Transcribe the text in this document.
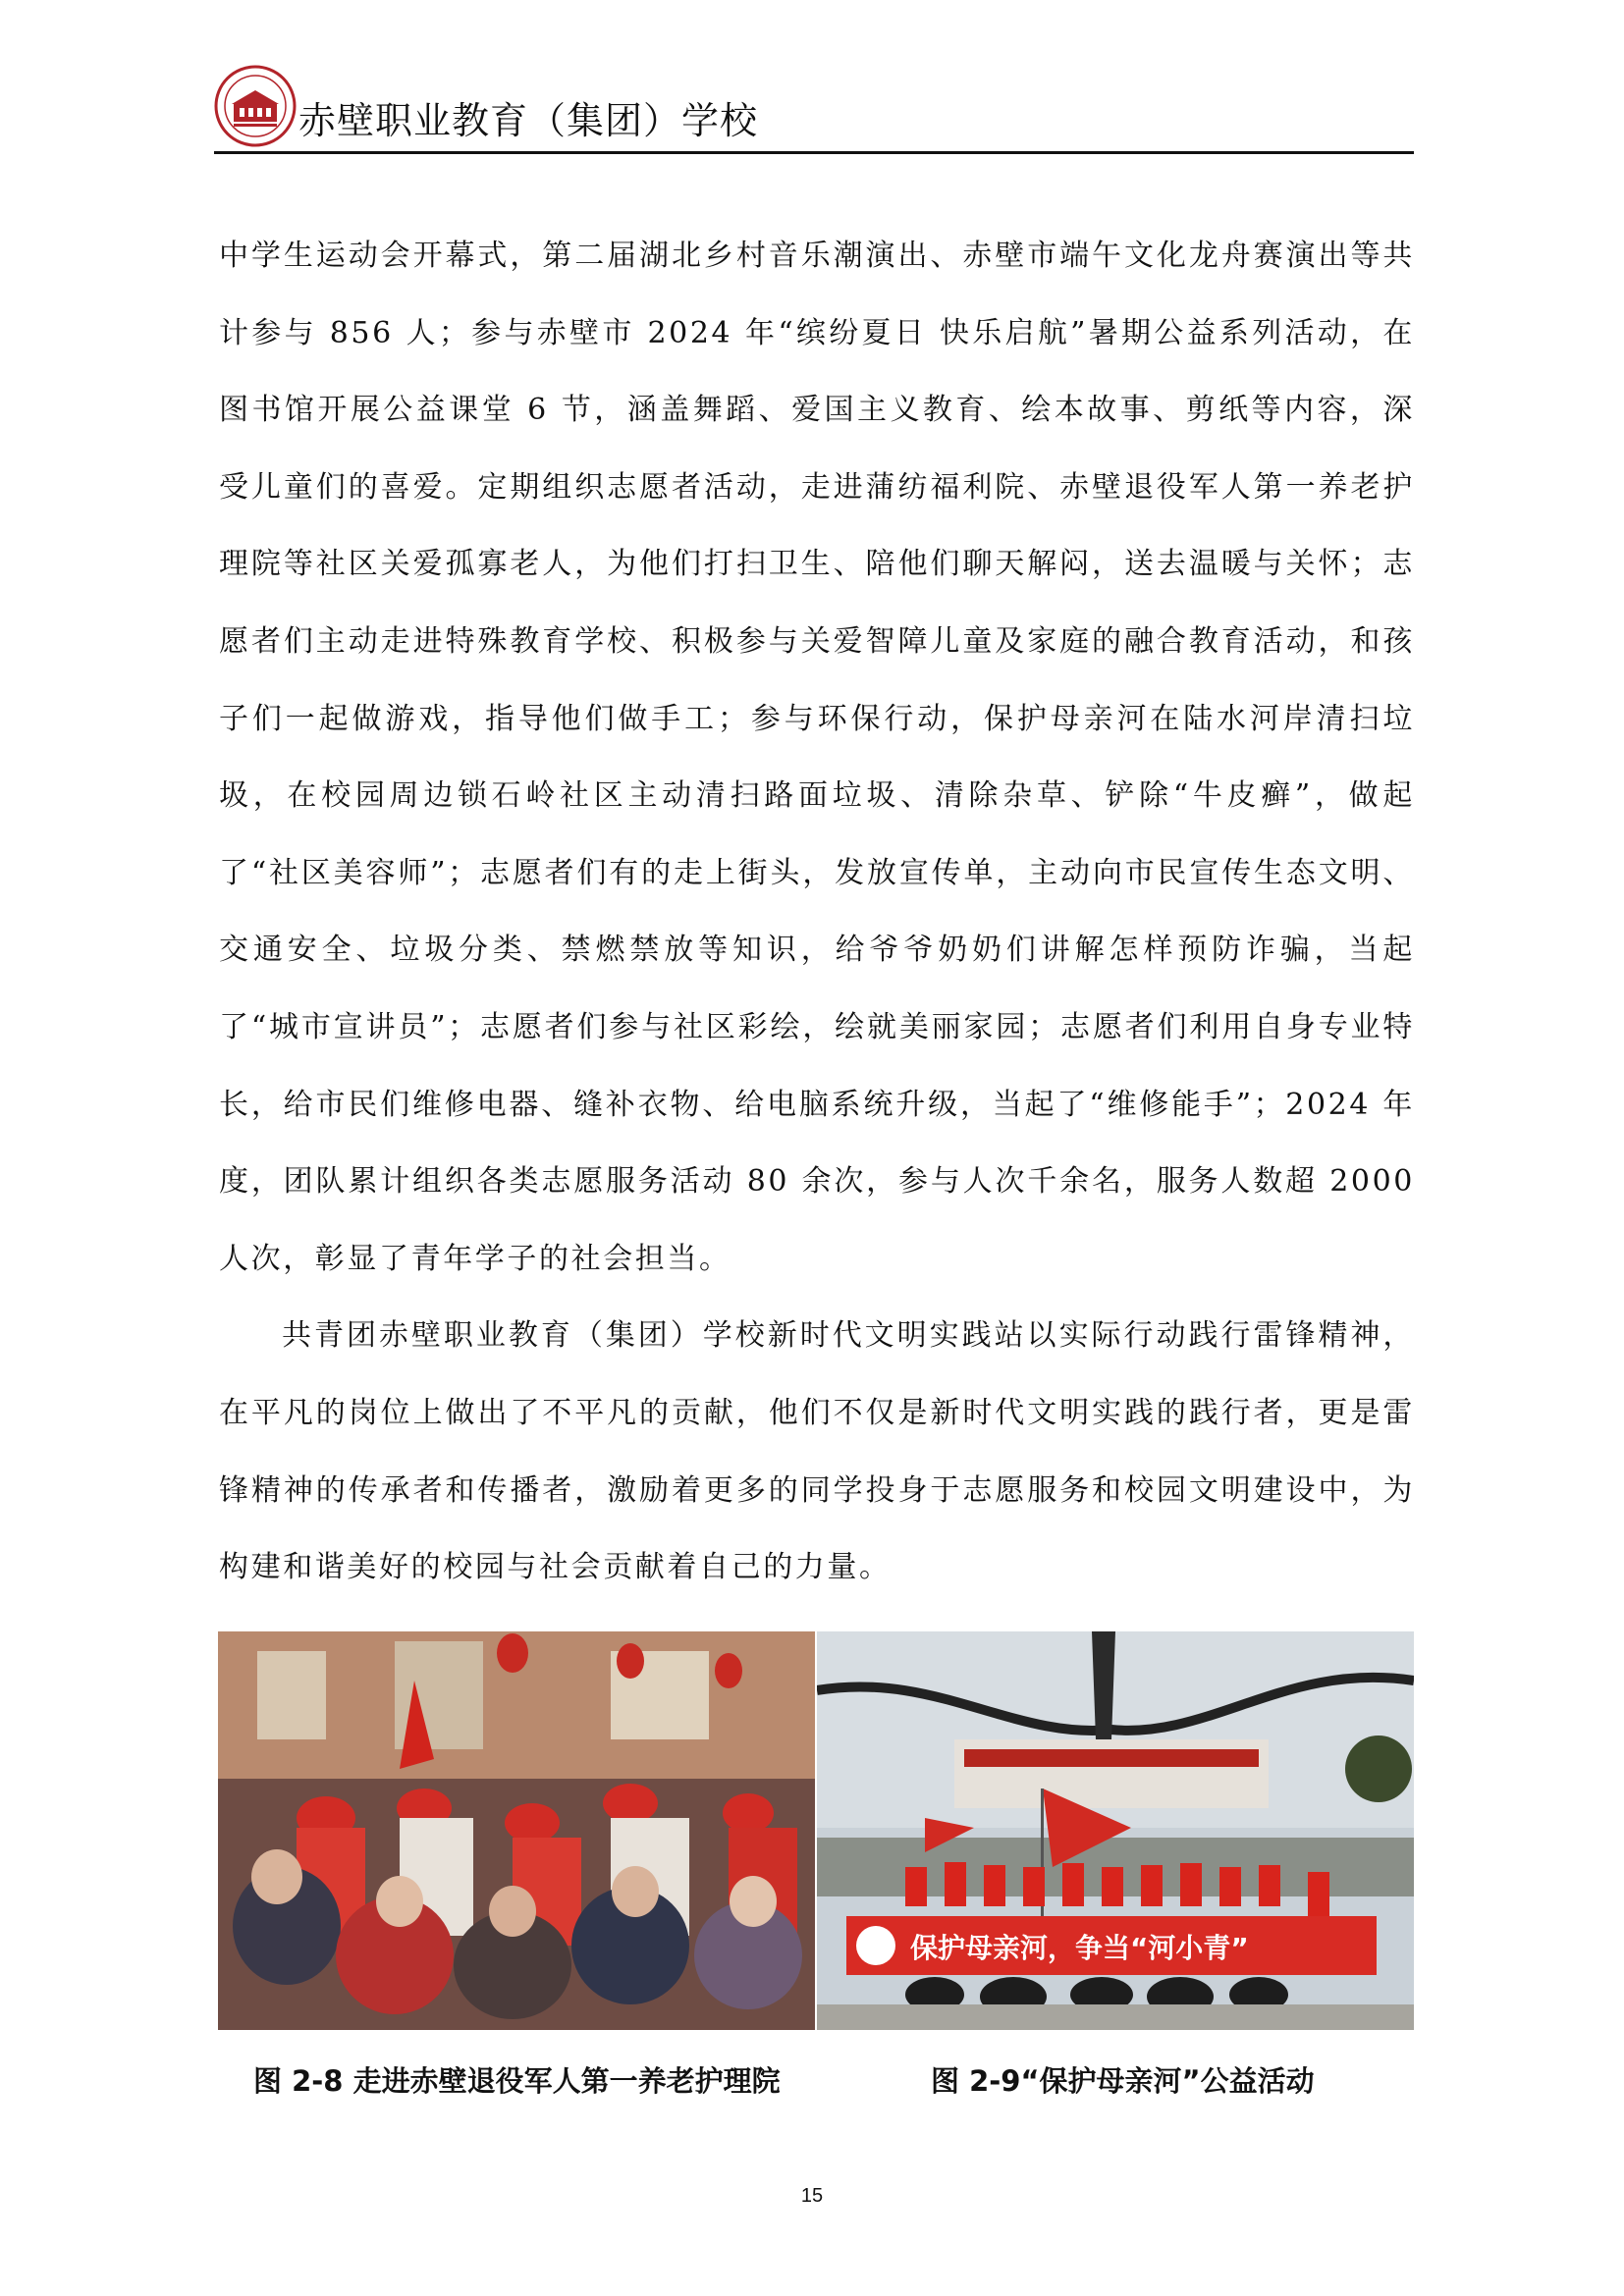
赤壁职业教育（集团）学校

中学生运动会开幕式，第二届湖北乡村音乐潮演出、赤壁市端午文化龙舟赛演出等共计参与 856 人；参与赤壁市 2024 年“缤纷夏日 快乐启航”暑期公益系列活动，在图书馆开展公益课堂 6 节，涵盖舞蹈、爱国主义教育、绘本故事、剪纸等内容，深受儿童们的喜爱。定期组织志愿者活动，走进蒲纺福利院、赤壁退役军人第一养老护理院等社区关爱孤寡老人，为他们打扫卫生、陪他们聊天解闷，送去温暖与关怀；志愿者们主动走进特殊教育学校、积极参与关爱智障儿童及家庭的融合教育活动，和孩子们一起做游戏，指导他们做手工；参与环保行动，保护母亲河在陆水河岸清扫垃圾，在校园周边锁石岭社区主动清扫路面垃圾、清除杂草、铲除“牛皮癣”，做起了“社区美容师”；志愿者们有的走上街头，发放宣传单，主动向市民宣传生态文明、交通安全、垃圾分类、禁燃禁放等知识，给爷爷奶奶们讲解怎样预防诈骗，当起了“城市宣讲员”；志愿者们参与社区彩绘，绘就美丽家园；志愿者们利用自身专业特长，给市民们维修电器、缝补衣物、给电脑系统升级，当起了“维修能手”；2024 年度，团队累计组织各类志愿服务活动 80 余次，参与人次千余名，服务人数超 2000 人次，彰显了青年学子的社会担当。

共青团赤壁职业教育（集团）学校新时代文明实践站以实际行动践行雷锋精神，在平凡的岗位上做出了不平凡的贡献，他们不仅是新时代文明实践的践行者，更是雷锋精神的传承者和传播者，激励着更多的同学投身于志愿服务和校园文明建设中，为构建和谐美好的校园与社会贡献着自己的力量。

保护母亲河，争当“河小青”
图 2-8 走进赤壁退役军人第一养老护理院	图 2-9“保护母亲河”公益活动
15
